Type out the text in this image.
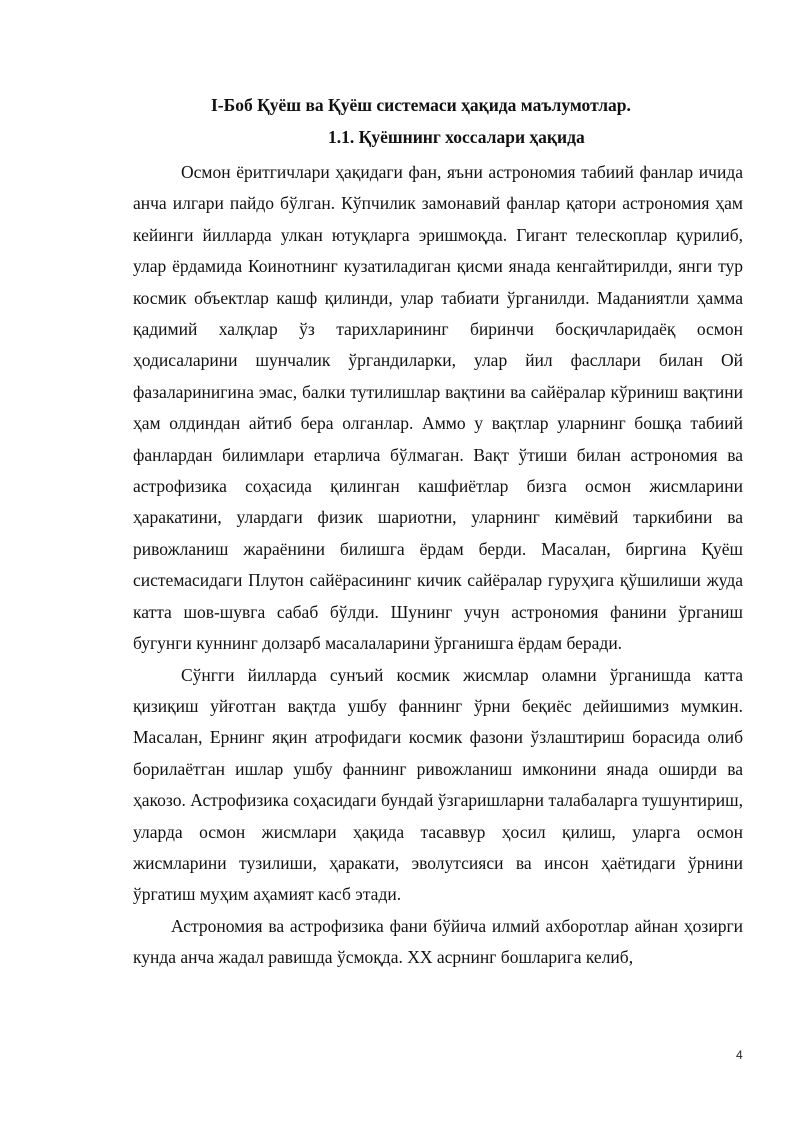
I-Боб Қуёш ва Қуёш системаси ҳақида маълумотлар.
1.1. Қуёшнинг хоссалари ҳақида

Осмон ёритгичлари ҳақидаги фан, яъни астрономия табиий фанлар ичида анча илгари пайдо бўлган. Кўпчилик замонавий фанлар қатори астрономия ҳам кейинги йилларда улкан ютуқларга эришмоқда. Гигант телескоплар қурилиб, улар ёрдамида Коинотнинг кузатиладиган қисми янада кенгайтирилди, янги тур космик объектлар кашф қилинди, улар табиати ўрганилди. Маданиятли ҳамма қадимий халқлар ўз тарихларининг биринчи босқичларидаёқ осмон ҳодисаларини шунчалик ўргандиларки, улар йил фасллари билан Ой фазаларинигина эмас, балки тутилишлар вақтини ва сайёралар кўриниш вақтини ҳам олдиндан айтиб бера олганлар. Аммо у вақтлар уларнинг бошқа табиий фанлардан билимлари етарлича бўлмаган. Вақт ўтиши билан астрономия ва астрофизика соҳасида қилинган кашфиётлар бизга осмон жисмларини ҳаракатини, улардаги физик шариотни, уларнинг кимёвий таркибини ва ривожланиш жараёнини билишга ёрдам берди. Масалан, биргина Қуёш системасидаги Плутон сайёрасининг кичик сайёралар гуруҳига қўшилиши жуда катта шов-шувга сабаб бўлди. Шунинг учун астрономия фанини ўрганиш бугунги куннинг долзарб масалаларини ўрганишга ёрдам беради.

Сўнгги йилларда сунъий космик жисмлар оламни ўрганишда катта қизиқиш уйғотган вақтда ушбу фаннинг ўрни беқиёс дейишимиз мумкин. Масалан, Ернинг яқин атрофидаги космик фазони ўзлаштириш борасида олиб борилаётган ишлар ушбу фаннинг ривожланиш имконини янада оширди ва ҳакозо. Астрофизика соҳасидаги бундай ўзгаришларни талабаларга тушунтириш, уларда осмон жисмлари ҳақида тасаввур ҳосил қилиш, уларга осмон жисмларини тузилиши, ҳаракати, эволутсияси ва инсон ҳаётидаги ўрнини ўргатиш муҳим аҳамият касб этади.

Астрономия ва астрофизика фани бўйича илмий ахборотлар айнан ҳозирги кунда анча жадал равишда ўсмоқда. XX асрнинг бошларига келиб,

4
